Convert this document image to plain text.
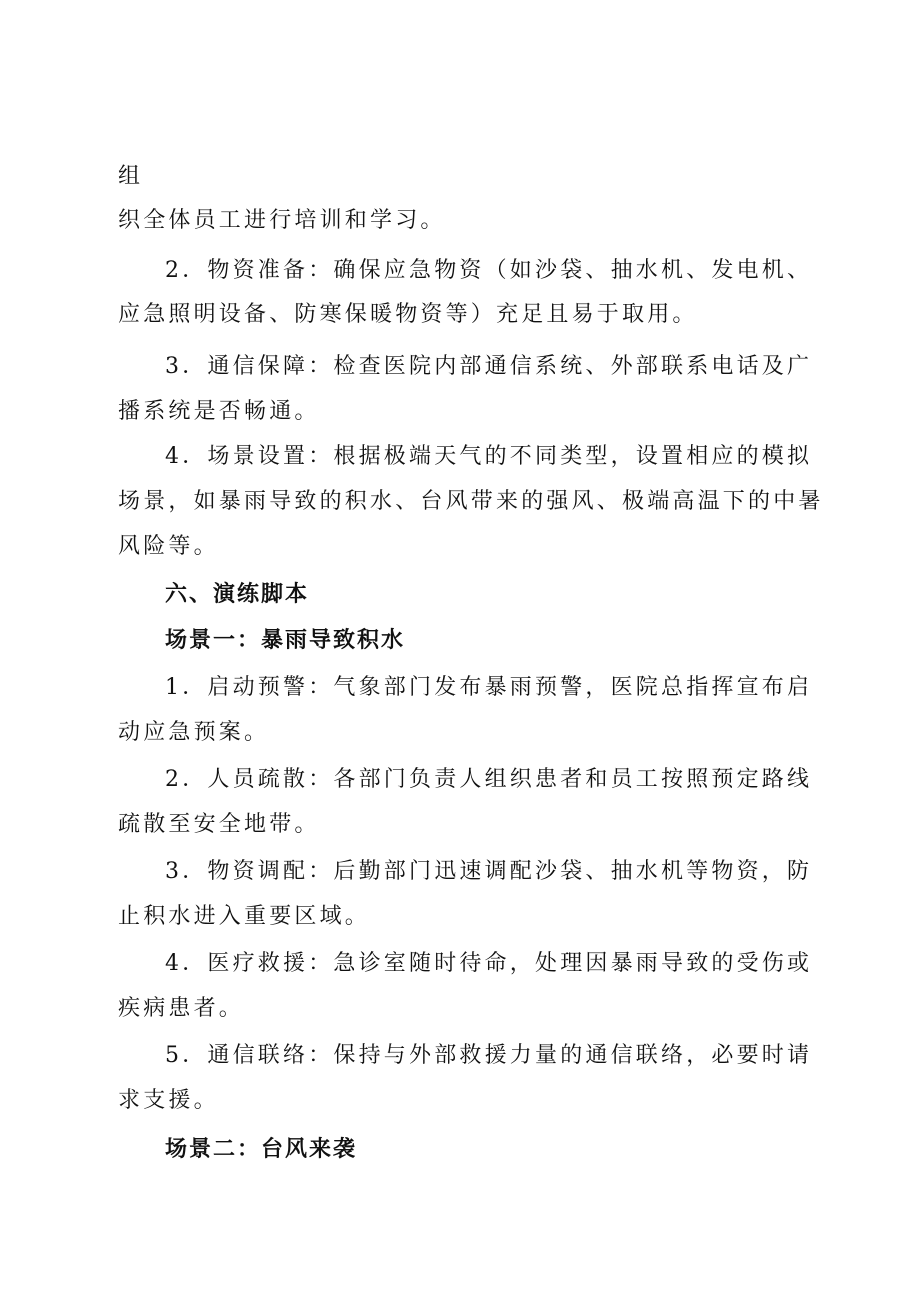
组
织全体员工进行培训和学习。
2．物资准备：确保应急物资（如沙袋、抽水机、发电机、
应急照明设备、防寒保暖物资等）充足且易于取用。
3．通信保障：检查医院内部通信系统、外部联系电话及广
播系统是否畅通。
4．场景设置：根据极端天气的不同类型，设置相应的模拟
场景，如暴雨导致的积水、台风带来的强风、极端高温下的中暑
风险等。
六、演练脚本
场景一：暴雨导致积水
1．启动预警：气象部门发布暴雨预警，医院总指挥宣布启
动应急预案。
2．人员疏散：各部门负责人组织患者和员工按照预定路线
疏散至安全地带。
3．物资调配：后勤部门迅速调配沙袋、抽水机等物资，防
止积水进入重要区域。
4．医疗救援：急诊室随时待命，处理因暴雨导致的受伤或
疾病患者。
5．通信联络：保持与外部救援力量的通信联络，必要时请
求支援。
场景二：台风来袭
